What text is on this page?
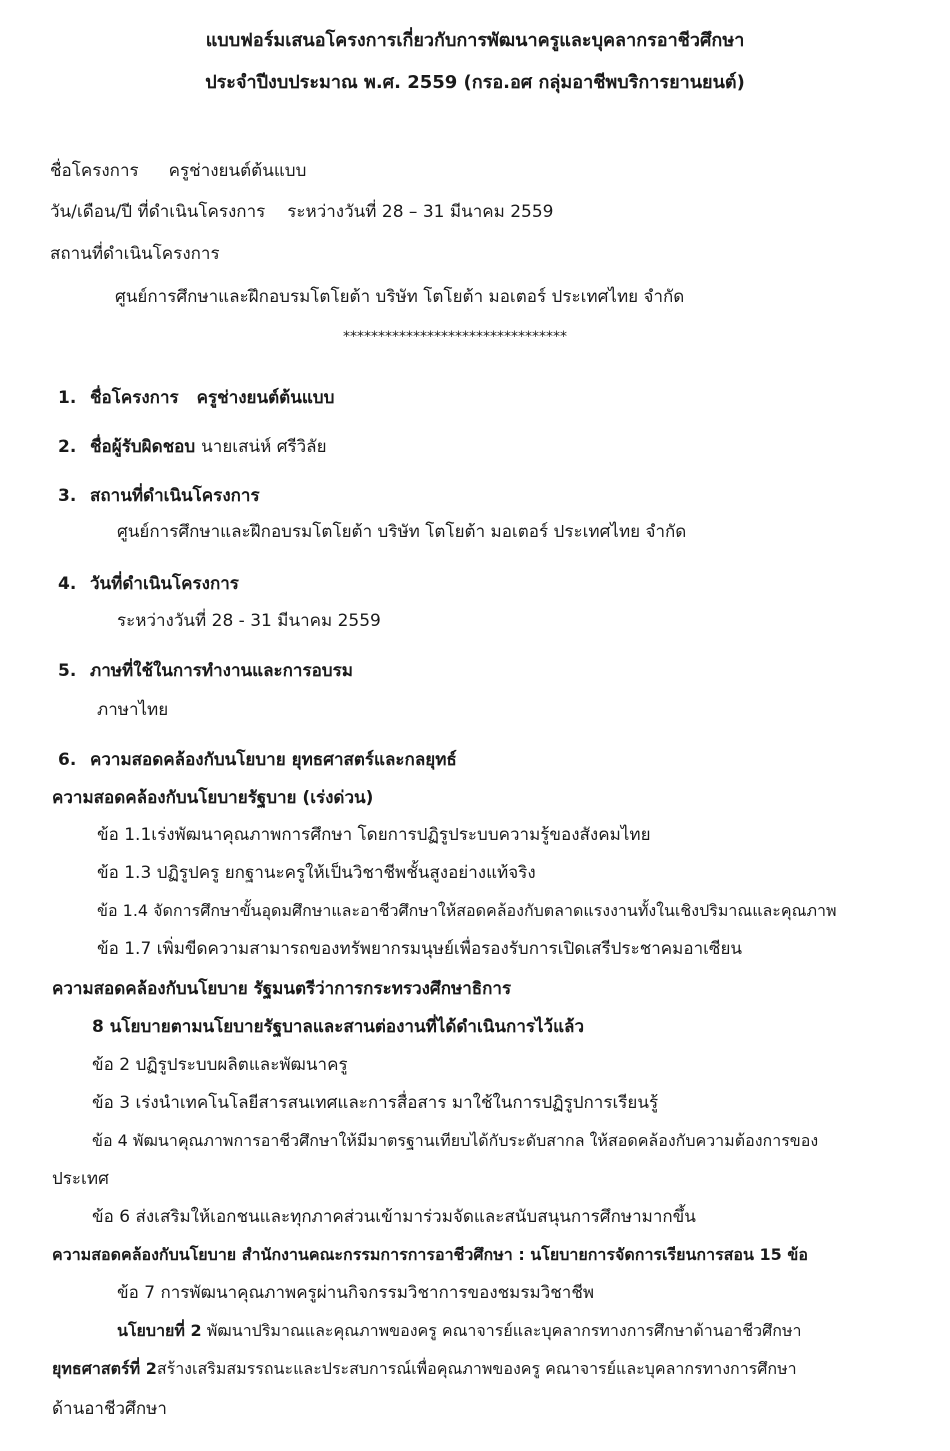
แบบฟอร์มเสนอโครงการเกี่ยวกับการพัฒนาครูและบุคลากรอาชีวศึกษา
ประจำปีงบประมาณ พ.ศ. 2559 (กรอ.อศ กลุ่มอาชีพบริการยานยนต์)
ชื่อโครงการ ครูช่างยนต์ต้นแบบ
วัน/เดือน/ปี ที่ดำเนินโครงการ ระหว่างวันที่ 28 – 31 มีนาคม 2559
สถานที่ดำเนินโครงการ
ศูนย์การศึกษาและฝึกอบรมโตโยต้า บริษัท โตโยต้า มอเตอร์ ประเทศไทย จำกัด
********************************
1. ชื่อโครงการ ครูช่างยนต์ต้นแบบ
2. ชื่อผู้รับผิดชอบ นายเสน่ห์ ศรีวิลัย
3. สถานที่ดำเนินโครงการ
ศูนย์การศึกษาและฝึกอบรมโตโยต้า บริษัท โตโยต้า มอเตอร์ ประเทศไทย จำกัด
4. วันที่ดำเนินโครงการ
ระหว่างวันที่ 28 - 31 มีนาคม 2559
5. ภาษที่ใช้ในการทำงานและการอบรม
ภาษาไทย
6. ความสอดคล้องกับนโยบาย ยุทธศาสตร์และกลยุทธ์
ความสอดคล้องกับนโยบายรัฐบาย (เร่งด่วน)
ข้อ 1.1เร่งพัฒนาคุณภาพการศึกษา โดยการปฏิรูประบบความรู้ของสังคมไทย
ข้อ 1.3 ปฏิรูปครู ยกฐานะครูให้เป็นวิชาชีพชั้นสูงอย่างแท้จริง
ข้อ 1.4 จัดการศึกษาขั้นอุดมศึกษาและอาชีวศึกษาให้สอดคล้องกับตลาดแรงงานทั้งในเชิงปริมาณและคุณภาพ
ข้อ 1.7 เพิ่มขีดความสามารถของทรัพยากรมนุษย์เพื่อรองรับการเปิดเสรีประชาคมอาเซียน
ความสอดคล้องกับนโยบาย รัฐมนตรีว่าการกระทรวงศึกษาธิการ
8 นโยบายตามนโยบายรัฐบาลและสานต่องานที่ได้ดำเนินการไว้แล้ว
ข้อ 2 ปฏิรูประบบผลิตและพัฒนาครู
ข้อ 3 เร่งนำเทคโนโลยีสารสนเทศและการสื่อสาร มาใช้ในการปฏิรูปการเรียนรู้
ข้อ 4 พัฒนาคุณภาพการอาชีวศึกษาให้มีมาตรฐานเทียบได้กับระดับสากล ให้สอดคล้องกับความต้องการของ
ประเทศ
ข้อ 6 ส่งเสริมให้เอกชนและทุกภาคส่วนเข้ามาร่วมจัดและสนับสนุนการศึกษามากขึ้น
ความสอดคล้องกับนโยบาย สำนักงานคณะกรรมการการอาชีวศึกษา : นโยบายการจัดการเรียนการสอน 15 ข้อ
ข้อ 7 การพัฒนาคุณภาพครูผ่านกิจกรรมวิชาการของชมรมวิชาชีพ
นโยบายที่ 2 พัฒนาปริมาณและคุณภาพของครู คณาจารย์และบุคลากรทางการศึกษาด้านอาชีวศึกษา
ยุทธศาสตร์ที่ 2สร้างเสริมสมรรถนะและประสบการณ์เพื่อคุณภาพของครู คณาจารย์และบุคลากรทางการศึกษา
ด้านอาชีวศึกษา
